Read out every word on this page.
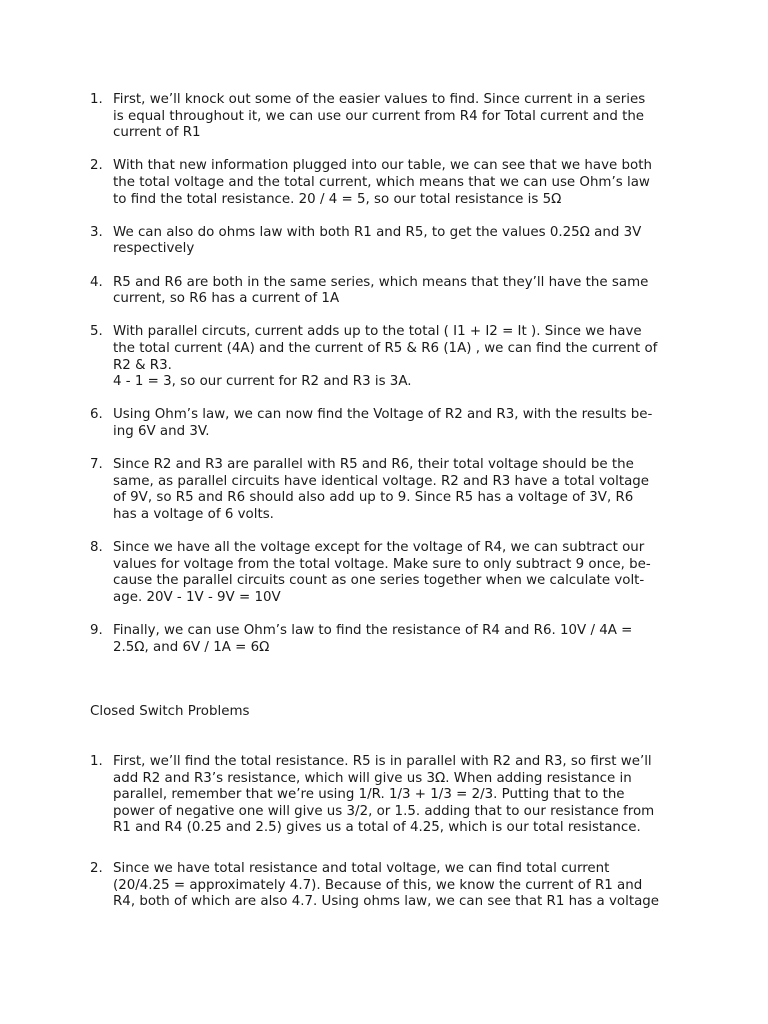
1. First, we’ll knock out some of the easier values to find. Since current in a series
is equal throughout it, we can use our current from R4 for Total current and the
current of R1
2. With that new information plugged into our table, we can see that we have both
the total voltage and the total current, which means that we can use Ohm’s law
to find the total resistance. 20 / 4 = 5, so our total resistance is 5Ω
3. We can also do ohms law with both R1 and R5, to get the values 0.25Ω and 3V
respectively
4. R5 and R6 are both in the same series, which means that they’ll have the same
current, so R6 has a current of 1A
5. With parallel circuts, current adds up to the total ( I1 + I2 = It ). Since we have
the total current (4A) and the current of R5 & R6 (1A) , we can find the current of
R2 & R3.
4 - 1 = 3, so our current for R2 and R3 is 3A.
6. Using Ohm’s law, we can now find the Voltage of R2 and R3, with the results be-
ing 6V and 3V.
7. Since R2 and R3 are parallel with R5 and R6, their total voltage should be the
same, as parallel circuits have identical voltage. R2 and R3 have a total voltage
of 9V, so R5 and R6 should also add up to 9. Since R5 has a voltage of 3V, R6
has a voltage of 6 volts.
8. Since we have all the voltage except for the voltage of R4, we can subtract our
values for voltage from the total voltage. Make sure to only subtract 9 once, be-
cause the parallel circuits count as one series together when we calculate volt-
age. 20V - 1V - 9V = 10V
9. Finally, we can use Ohm’s law to find the resistance of R4 and R6. 10V / 4A =
2.5Ω, and 6V / 1A = 6Ω
Closed Switch Problems
1. First, we’ll find the total resistance. R5 is in parallel with R2 and R3, so first we’ll
add R2 and R3’s resistance, which will give us 3Ω. When adding resistance in
parallel, remember that we’re using 1/R. 1/3 + 1/3 = 2/3. Putting that to the
power of negative one will give us 3/2, or 1.5. adding that to our resistance from
R1 and R4 (0.25 and 2.5) gives us a total of 4.25, which is our total resistance.
2. Since we have total resistance and total voltage, we can find total current
(20/4.25 = approximately 4.7). Because of this, we know the current of R1 and
R4, both of which are also 4.7. Using ohms law, we can see that R1 has a voltage
